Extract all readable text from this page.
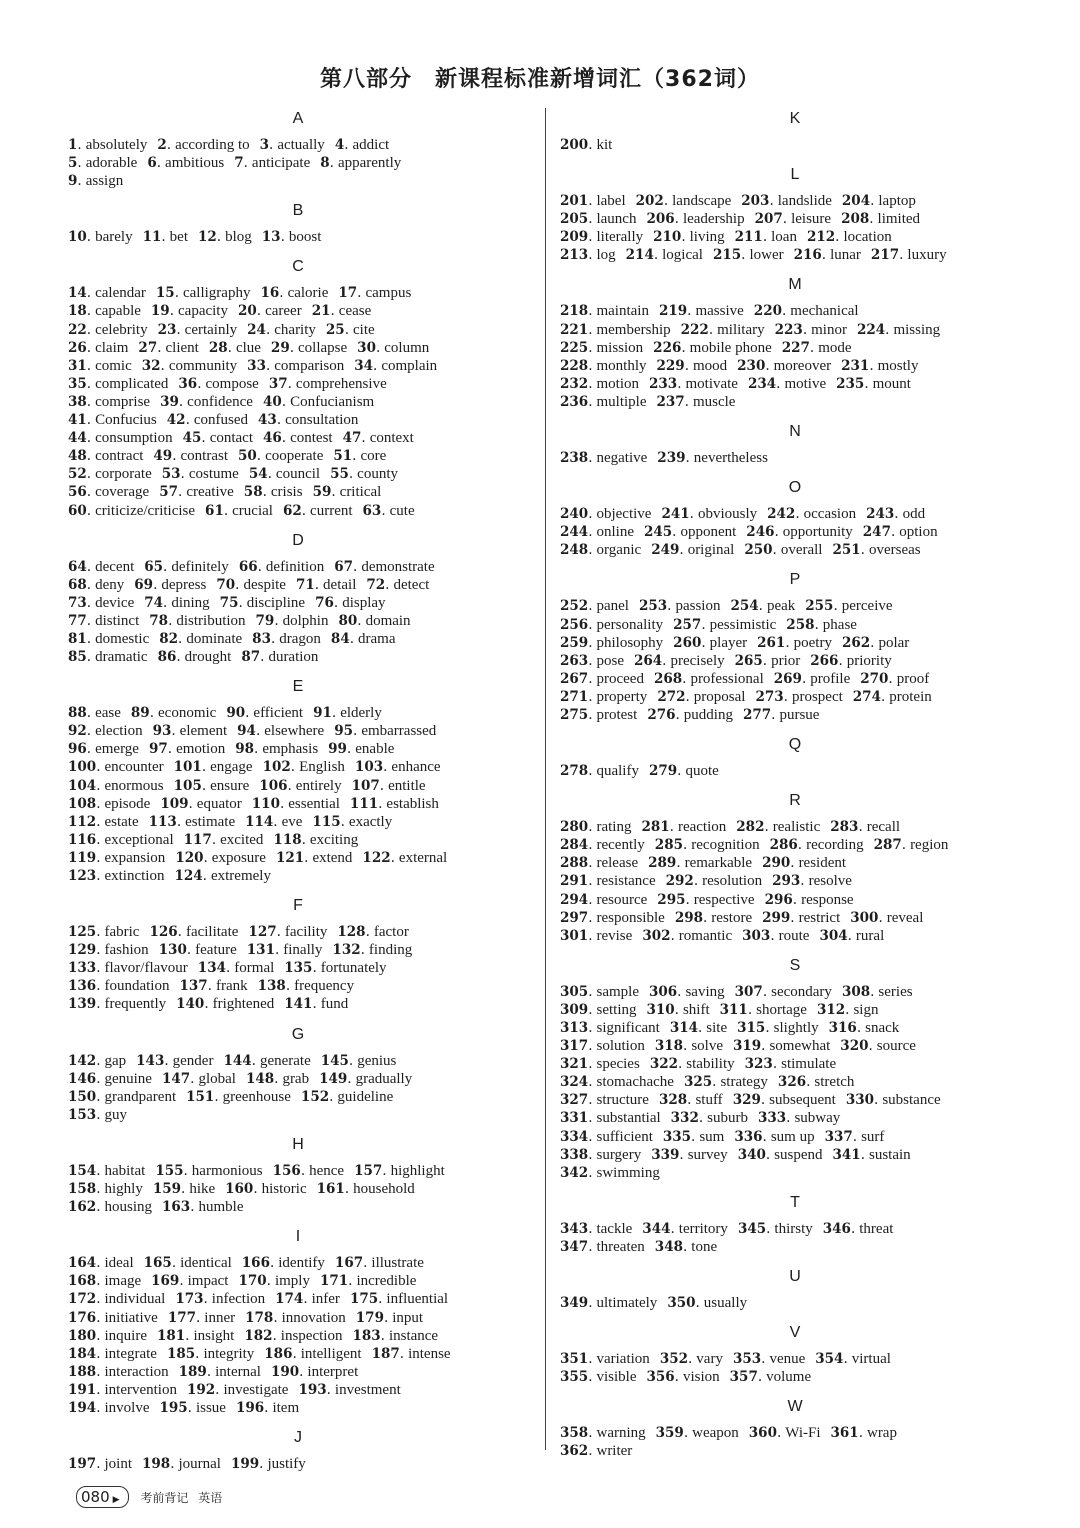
第八部分　新课程标准新增词汇（362词）
A
1. absolutely 2. according to 3. actually 4. addict
5. adorable 6. ambitious 7. anticipate 8. apparently
9. assign
B
10. barely 11. bet 12. blog 13. boost
C
14. calendar 15. calligraphy 16. calorie 17. campus
18. capable 19. capacity 20. career 21. cease
22. celebrity 23. certainly 24. charity 25. cite
26. claim 27. client 28. clue 29. collapse 30. column
31. comic 32. community 33. comparison 34. complain
35. complicated 36. compose 37. comprehensive
38. comprise 39. confidence 40. Confucianism
41. Confucius 42. confused 43. consultation
44. consumption 45. contact 46. contest 47. context
48. contract 49. contrast 50. cooperate 51. core
52. corporate 53. costume 54. council 55. county
56. coverage 57. creative 58. crisis 59. critical
60. criticize/criticise 61. crucial 62. current 63. cute
D
64. decent 65. definitely 66. definition 67. demonstrate
68. deny 69. depress 70. despite 71. detail 72. detect
73. device 74. dining 75. discipline 76. display
77. distinct 78. distribution 79. dolphin 80. domain
81. domestic 82. dominate 83. dragon 84. drama
85. dramatic 86. drought 87. duration
E
88. ease 89. economic 90. efficient 91. elderly
92. election 93. element 94. elsewhere 95. embarrassed
96. emerge 97. emotion 98. emphasis 99. enable
100. encounter 101. engage 102. English 103. enhance
104. enormous 105. ensure 106. entirely 107. entitle
108. episode 109. equator 110. essential 111. establish
112. estate 113. estimate 114. eve 115. exactly
116. exceptional 117. excited 118. exciting
119. expansion 120. exposure 121. extend 122. external
123. extinction 124. extremely
F
125. fabric 126. facilitate 127. facility 128. factor
129. fashion 130. feature 131. finally 132. finding
133. flavor/flavour 134. formal 135. fortunately
136. foundation 137. frank 138. frequency
139. frequently 140. frightened 141. fund
G
142. gap 143. gender 144. generate 145. genius
146. genuine 147. global 148. grab 149. gradually
150. grandparent 151. greenhouse 152. guideline
153. guy
H
154. habitat 155. harmonious 156. hence 157. highlight
158. highly 159. hike 160. historic 161. household
162. housing 163. humble
I
164. ideal 165. identical 166. identify 167. illustrate
168. image 169. impact 170. imply 171. incredible
172. individual 173. infection 174. infer 175. influential
176. initiative 177. inner 178. innovation 179. input
180. inquire 181. insight 182. inspection 183. instance
184. integrate 185. integrity 186. intelligent 187. intense
188. interaction 189. internal 190. interpret
191. intervention 192. investigate 193. investment
194. involve 195. issue 196. item
J
197. joint 198. journal 199. justify
K
200. kit
L
201. label 202. landscape 203. landslide 204. laptop
205. launch 206. leadership 207. leisure 208. limited
209. literally 210. living 211. loan 212. location
213. log 214. logical 215. lower 216. lunar 217. luxury
M
218. maintain 219. massive 220. mechanical
221. membership 222. military 223. minor 224. missing
225. mission 226. mobile phone 227. mode
228. monthly 229. mood 230. moreover 231. mostly
232. motion 233. motivate 234. motive 235. mount
236. multiple 237. muscle
N
238. negative 239. nevertheless
O
240. objective 241. obviously 242. occasion 243. odd
244. online 245. opponent 246. opportunity 247. option
248. organic 249. original 250. overall 251. overseas
P
252. panel 253. passion 254. peak 255. perceive
256. personality 257. pessimistic 258. phase
259. philosophy 260. player 261. poetry 262. polar
263. pose 264. precisely 265. prior 266. priority
267. proceed 268. professional 269. profile 270. proof
271. property 272. proposal 273. prospect 274. protein
275. protest 276. pudding 277. pursue
Q
278. qualify 279. quote
R
280. rating 281. reaction 282. realistic 283. recall
284. recently 285. recognition 286. recording 287. region
288. release 289. remarkable 290. resident
291. resistance 292. resolution 293. resolve
294. resource 295. respective 296. response
297. responsible 298. restore 299. restrict 300. reveal
301. revise 302. romantic 303. route 304. rural
S
305. sample 306. saving 307. secondary 308. series
309. setting 310. shift 311. shortage 312. sign
313. significant 314. site 315. slightly 316. snack
317. solution 318. solve 319. somewhat 320. source
321. species 322. stability 323. stimulate
324. stomachache 325. strategy 326. stretch
327. structure 328. stuff 329. subsequent 330. substance
331. substantial 332. suburb 333. subway
334. sufficient 335. sum 336. sum up 337. surf
338. surgery 339. survey 340. suspend 341. sustain
342. swimming
T
343. tackle 344. territory 345. thirsty 346. threat
347. threaten 348. tone
U
349. ultimately 350. usually
V
351. variation 352. vary 353. venue 354. virtual
355. visible 356. vision 357. volume
W
358. warning 359. weapon 360. Wi-Fi 361. wrap
362. writer
080 ▶ 考前背记 英语
